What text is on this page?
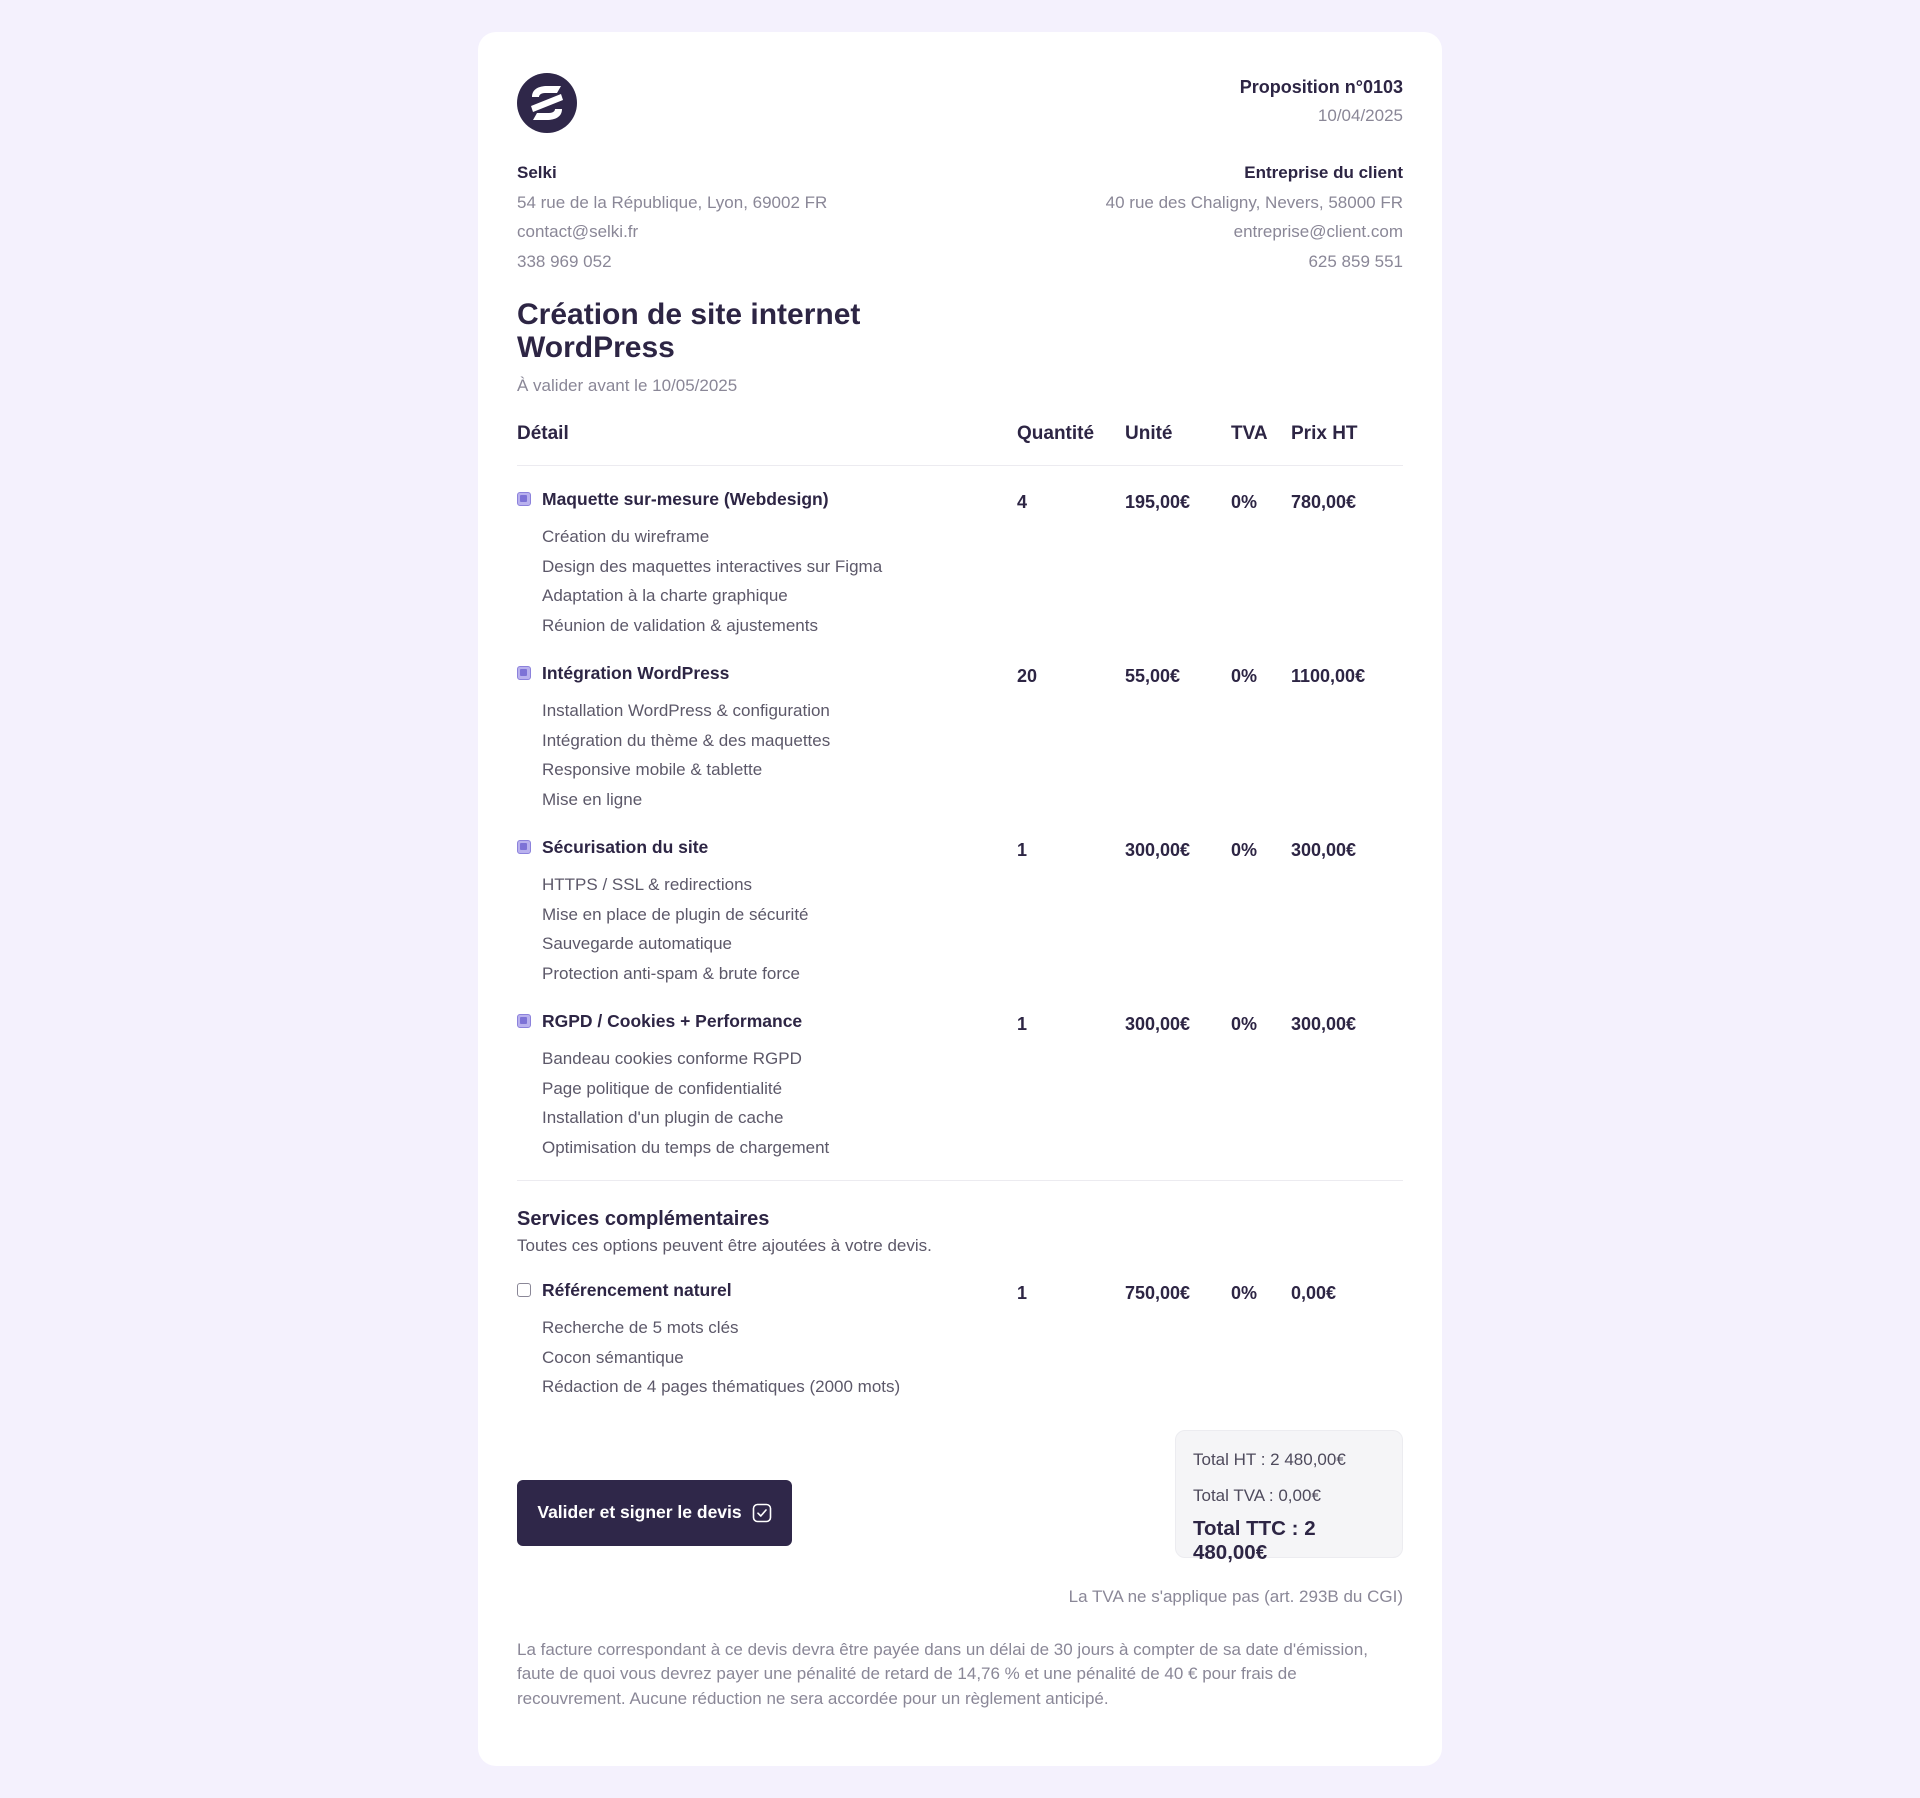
Proposition n°0103
10/04/2025
Selki
54 rue de la République, Lyon, 69002 FR
contact@selki.fr
338 969 052
Entreprise du client
40 rue des Chaligny, Nevers, 58000 FR
entreprise@client.com
625 859 551
Création de site internet WordPress
À valider avant le 10/05/2025
Détail	Quantité	Unité	TVA	Prix HT
Maquette sur-mesure (Webdesign)
Création du wireframe
Design des maquettes interactives sur Figma
Adaptation à la charte graphique
Réunion de validation & ajustements
4	195,00€	0%	780,00€
Intégration WordPress
Installation WordPress & configuration
Intégration du thème & des maquettes
Responsive mobile & tablette
Mise en ligne
20	55,00€	0%	1100,00€
Sécurisation du site
HTTPS / SSL & redirections
Mise en place de plugin de sécurité
Sauvegarde automatique
Protection anti-spam & brute force
1	300,00€	0%	300,00€
RGPD / Cookies + Performance
Bandeau cookies conforme RGPD
Page politique de confidentialité
Installation d'un plugin de cache
Optimisation du temps de chargement
1	300,00€	0%	300,00€
Services complémentaires
Toutes ces options peuvent être ajoutées à votre devis.
Référencement naturel
Recherche de 5 mots clés
Cocon sémantique
Rédaction de 4 pages thématiques (2000 mots)
1	750,00€	0%	0,00€
Valider et signer le devis
Total HT : 2 480,00€
Total TVA : 0,00€
Total TTC : 2 480,00€
La TVA ne s'applique pas (art. 293B du CGI)
La facture correspondant à ce devis devra être payée dans un délai de 30 jours à compter de sa date d'émission, faute de quoi vous devrez payer une pénalité de retard de 14,76 % et une pénalité de 40 € pour frais de recouvrement. Aucune réduction ne sera accordée pour un règlement anticipé.
